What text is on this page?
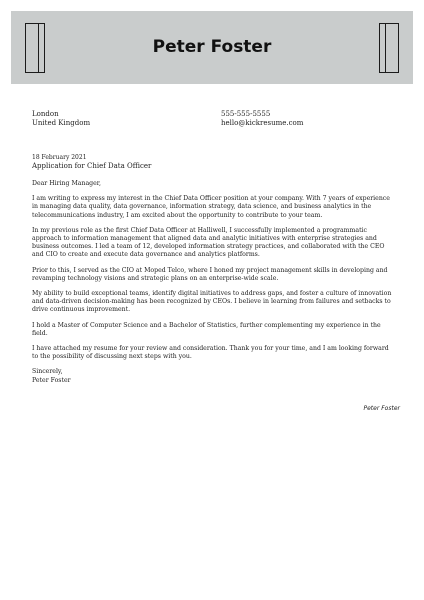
Peter Foster
London
United Kingdom
555-555-5555
hello@kickresume.com
18 February 2021
Application for Chief Data Officer

Dear Hiring Manager,

I am writing to express my interest in the Chief Data Officer position at your company. With 7 years of experience in managing data quality, data governance, information strategy, data science, and business analytics in the telecommunications industry, I am excited about the opportunity to contribute to your team.

In my previous role as the first Chief Data Officer at Halliwell, I successfully implemented a programmatic approach to information management that aligned data and analytic initiatives with enterprise strategies and business outcomes. I led a team of 12, developed information strategy practices, and collaborated with the CEO and CIO to create and execute data governance and analytics platforms.

Prior to this, I served as the CIO at Moped Telco, where I honed my project management skills in developing and revamping technology visions and strategic plans on an enterprise-wide scale.

My ability to build exceptional teams, identify digital initiatives to address gaps, and foster a culture of innovation and data-driven decision-making has been recognized by CEOs. I believe in learning from failures and setbacks to drive continuous improvement.

I hold a Master of Computer Science and a Bachelor of Statistics, further complementing my experience in the field.

I have attached my resume for your review and consideration. Thank you for your time, and I am looking forward to the possibility of discussing next steps with you.

Sincerely,
Peter Foster

Peter Foster
